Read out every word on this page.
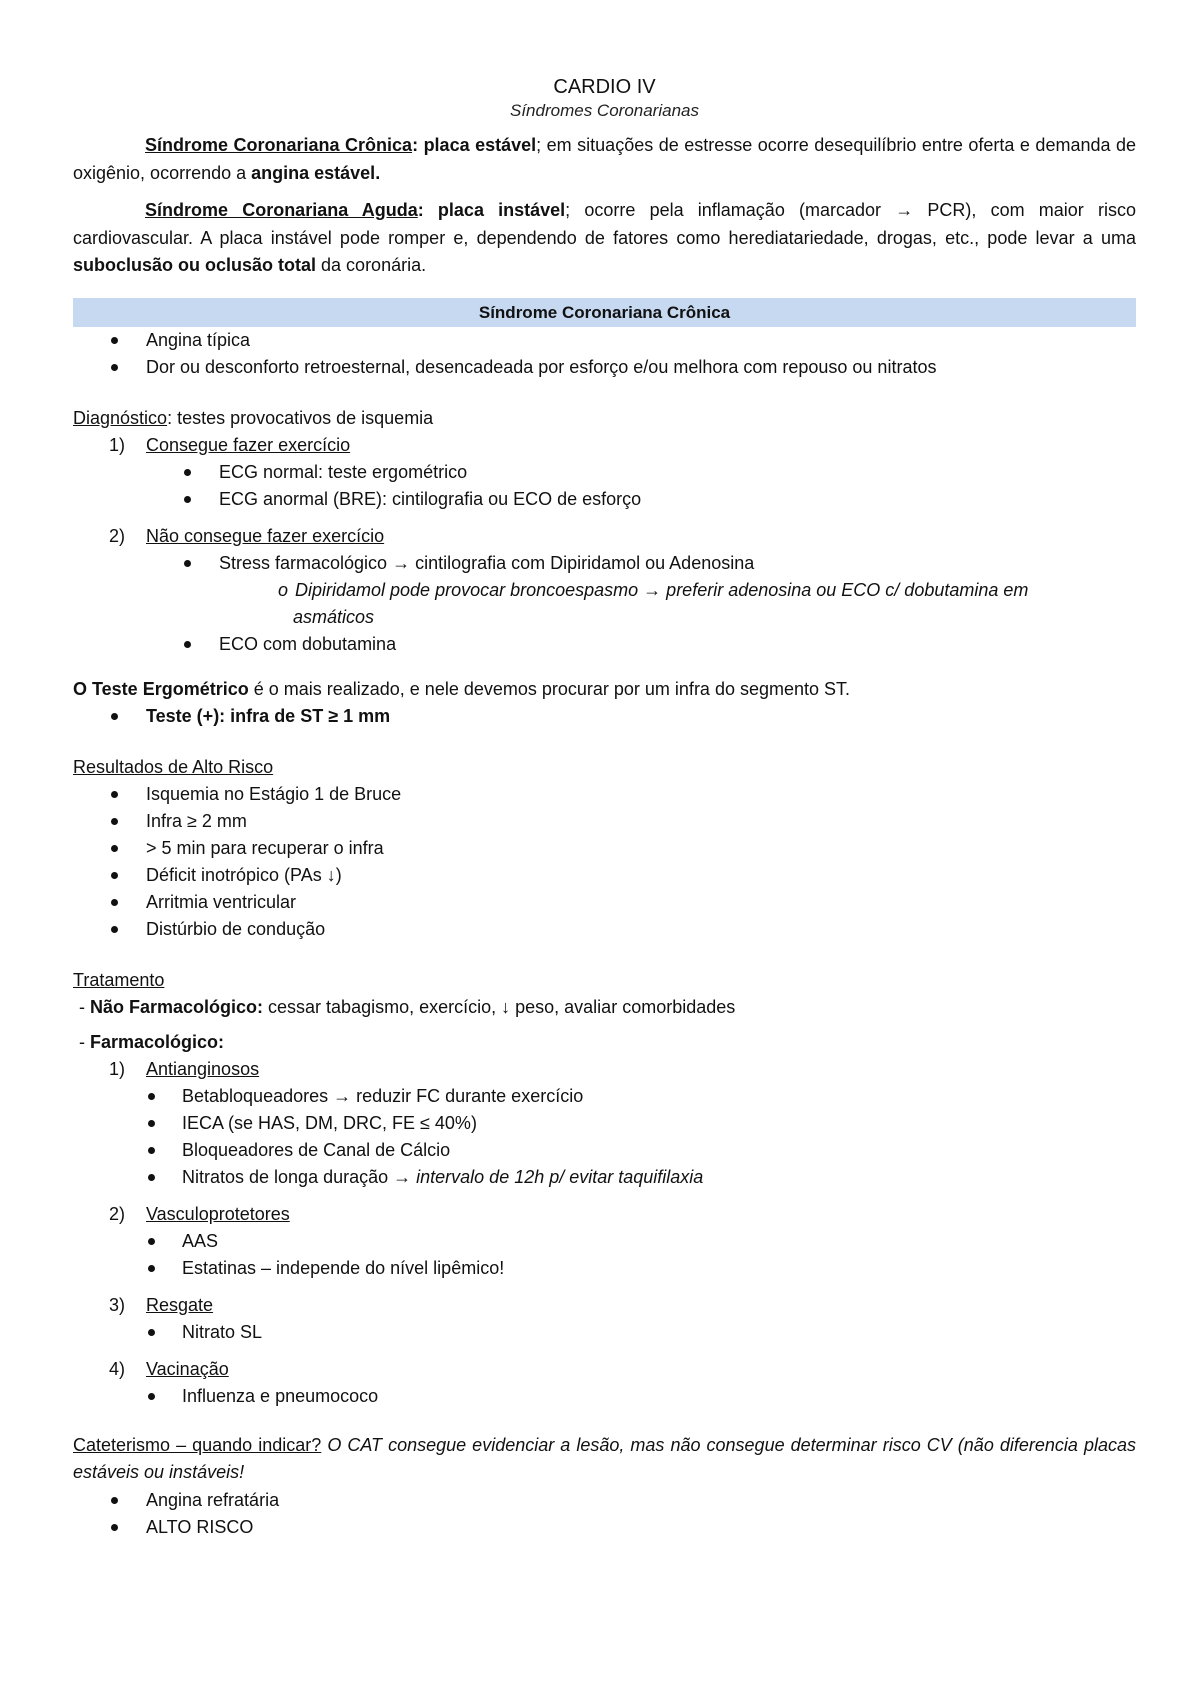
CARDIO IV

Síndromes Coronarianas

Síndrome Coronariana Crônica: placa estável; em situações de estresse ocorre desequilíbrio entre oferta e demanda de oxigênio, ocorrendo a angina estável.

Síndrome Coronariana Aguda: placa instável; ocorre pela inflamação (marcador → PCR), com maior risco cardiovascular. A placa instável pode romper e, dependendo de fatores como herediatariedade, drogas, etc., pode levar a uma suboclusão ou oclusão total da coronária.

Síndrome Coronariana Crônica
Angina típica
Dor ou desconforto retroesternal, desencadeada por esforço e/ou melhora com repouso ou nitratos
Diagnóstico: testes provocativos de isquemia
1) Consegue fazer exercício
ECG normal: teste ergométrico
ECG anormal (BRE): cintilografia ou ECO de esforço
2) Não consegue fazer exercício
Stress farmacológico → cintilografia com Dipiridamol ou Adenosina
o Dipiridamol pode provocar broncoespasmo → preferir adenosina ou ECO c/ dobutamina em
asmáticos
ECO com dobutamina
O Teste Ergométrico é o mais realizado, e nele devemos procurar por um infra do segmento ST.
Teste (+): infra de ST ≥ 1 mm
Resultados de Alto Risco
Isquemia no Estágio 1 de Bruce
Infra ≥ 2 mm
> 5 min para recuperar o infra
Déficit inotrópico (PAs ↓)
Arritmia ventricular
Distúrbio de condução
Tratamento
- Não Farmacológico: cessar tabagismo, exercício, ↓ peso, avaliar comorbidades
- Farmacológico:
1) Antianginosos
Betabloqueadores → reduzir FC durante exercício
IECA (se HAS, DM, DRC, FE ≤ 40%)
Bloqueadores de Canal de Cálcio
Nitratos de longa duração → intervalo de 12h p/ evitar taquifilaxia
2) Vasculoprotetores
AAS
Estatinas – independe do nível lipêmico!
3) Resgate
Nitrato SL
4) Vacinação
Influenza e pneumococo

Cateterismo – quando indicar? O CAT consegue evidenciar a lesão, mas não consegue determinar risco CV (não diferencia placas estáveis ou instáveis!

Angina refratária
ALTO RISCO
